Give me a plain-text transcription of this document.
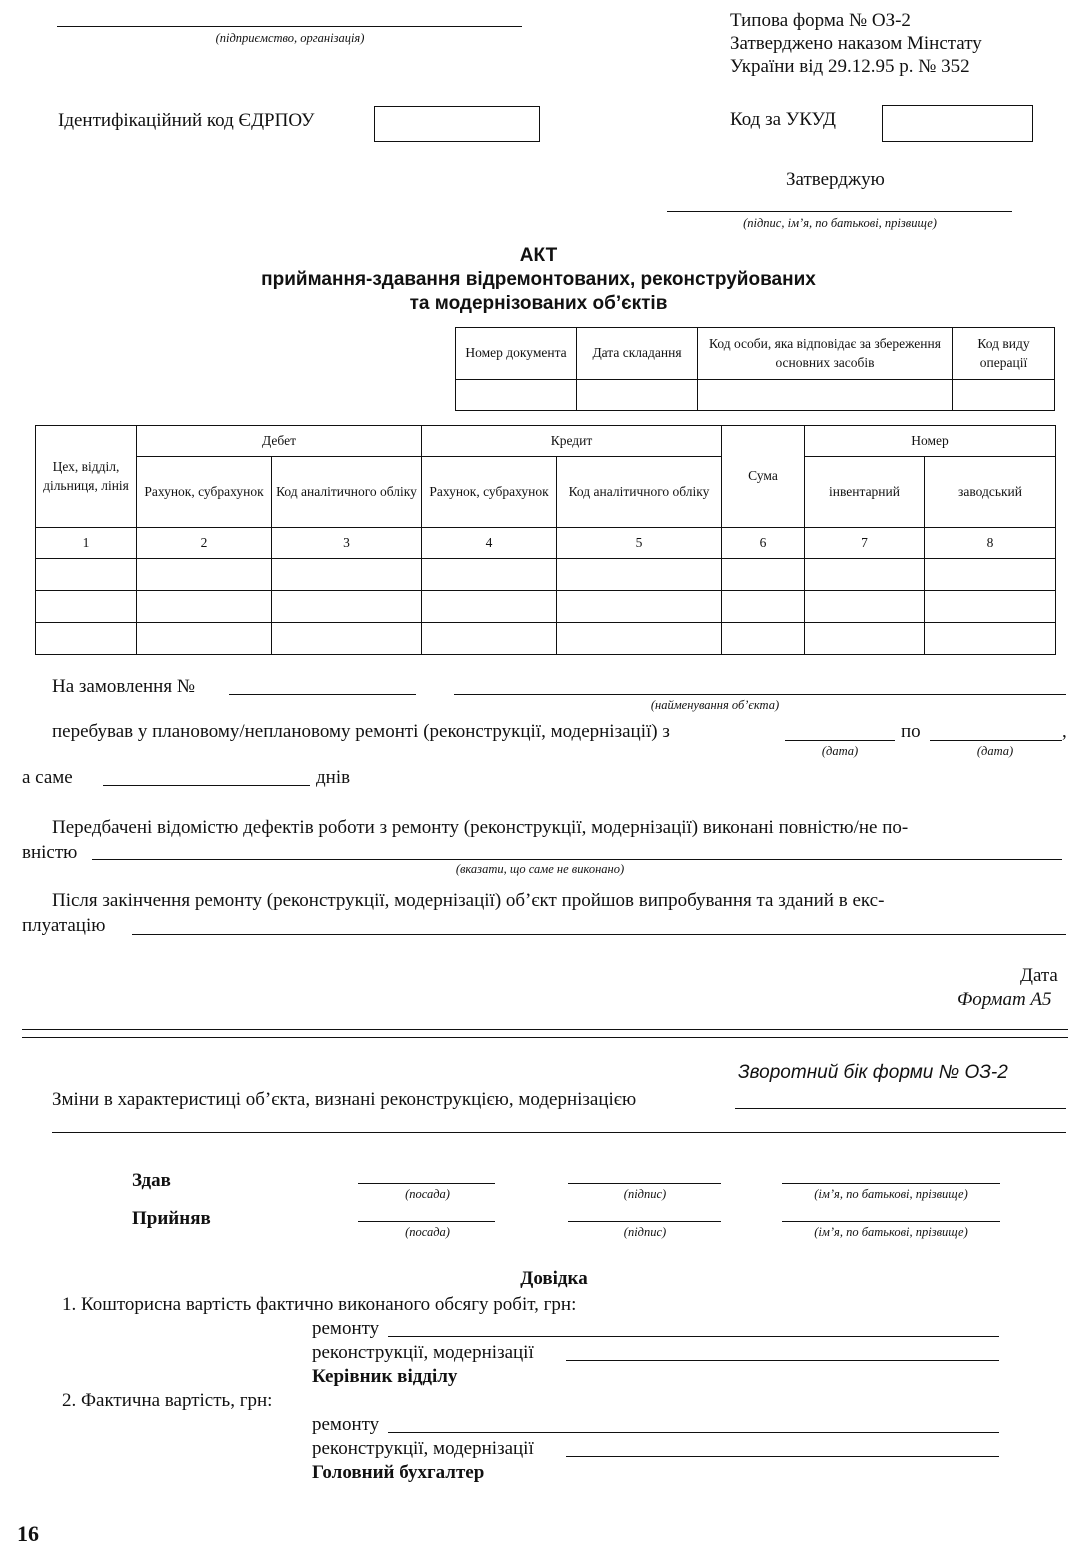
(підприємство, організація)
Типова форма № ОЗ-2
Затверджено наказом Мінстату
України від 29.12.95 р. № 352
Ідентифікаційний код ЄДРПОУ	Код за УКУД
Затверджую
(підпис, ім’я, по батькові, прізвище)
АКТ
приймання-здавання відремонтованих, реконструйованих
та модернізованих об’єктів
Номер документа	Дата складання	Код особи, яка відповідає за збереження основних засобів	Код виду операції

Цех, відділ, дільниця, лінія	Дебет		Кредит		Сума	Номер	
	Рахунок, субрахунок	Код аналітичного обліку	Рахунок, субрахунок	Код аналітичного обліку		інвентарний	заводський
1	2	3	4	5	6	7	8

На замовлення №
(найменування об’єкта)
перебував у плановому/неплановому ремонті (реконструкції, модернізації) з
(дата)
по	,
(дата)
а саме	днів
Передбачені відомістю дефектів роботи з ремонту (реконструкції, модернізації) виконані повністю/не по-
вністю
(вказати, що саме не виконано)
Після закінчення ремонту (реконструкції, модернізації) об’єкт пройшов випробування та зданий в екс-
плуатацію
Дата
Формат А5
Зворотний бік форми № ОЗ-2
Зміни в характеристиці об’єкта, визнані реконструкцією, модернізацією
Здав
(посада)	(підпис)	(ім’я, по батькові, прізвище)
Прийняв
(посада)	(підпис)	(ім’я, по батькові, прізвище)
Довідка
1. Кошторисна вартість фактично виконаного обсягу робіт, грн:
ремонту
реконструкції, модернізації
Керівник відділу
2. Фактична вартість, грн:
ремонту
реконструкції, модернізації
Головний бухгалтер
16
